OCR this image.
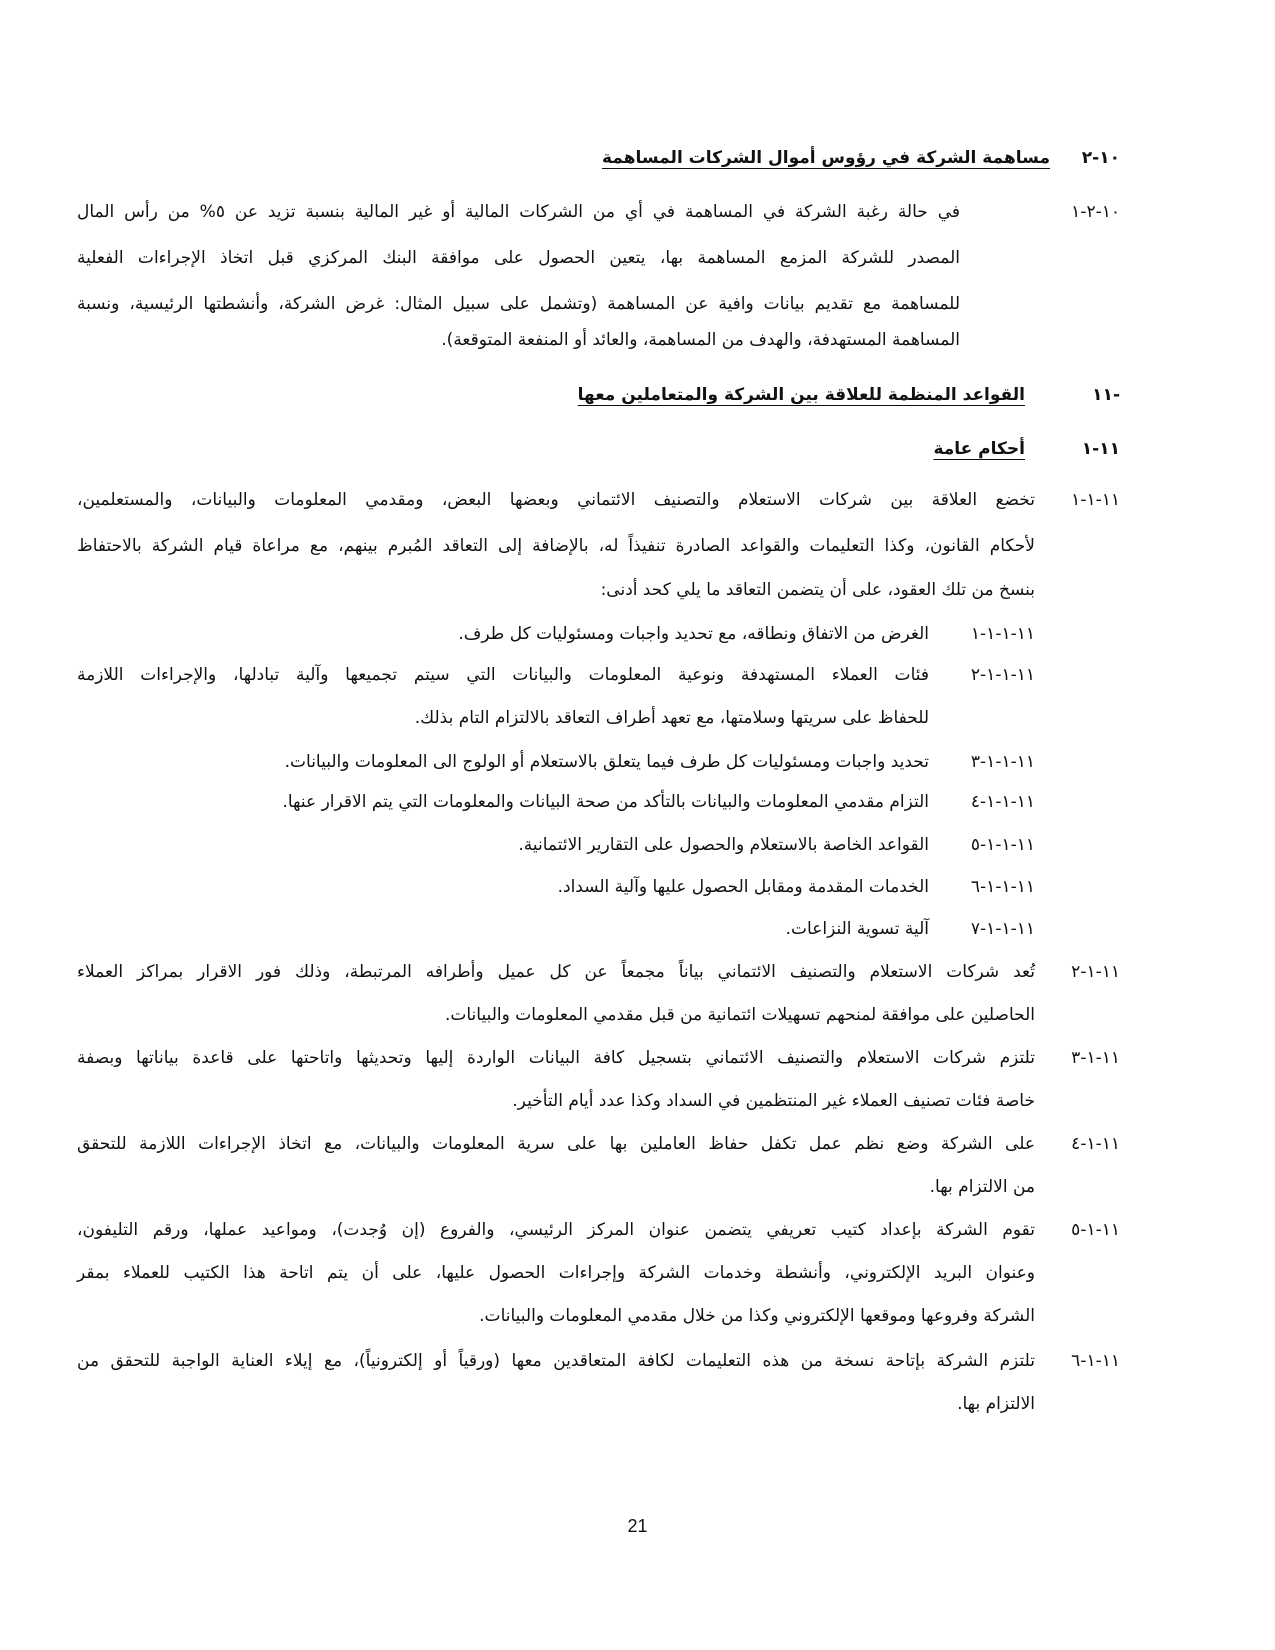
١٠-٢
مساهمة الشركة في رؤوس أموال الشركات المساهمة
١٠-٢-١
في حالة رغبة الشركة في المساهمة في أي من الشركات المالية أو غير المالية بنسبة تزيد عن ٥% من رأس المال
المصدر للشركة المزمع المساهمة بها، يتعين الحصول على موافقة البنك المركزي قبل اتخاذ الإجراءات الفعلية
للمساهمة مع تقديم بيانات وافية عن المساهمة (وتشمل على سبيل المثال: غرض الشركة، وأنشطتها الرئيسية، ونسبة
المساهمة المستهدفة، والهدف من المساهمة، والعائد أو المنفعة المتوقعة).
١١-
القواعد المنظمة للعلاقة بين الشركة والمتعاملين معها
١١-١
أحكام عامة
١١-١-١
تخضع العلاقة بين شركات الاستعلام والتصنيف الائتماني وبعضها البعض، ومقدمي المعلومات والبيانات، والمستعلمين،
لأحكام القانون، وكذا التعليمات والقواعد الصادرة تنفيذاً له، بالإضافة إلى التعاقد المُبرم بينهم، مع مراعاة قيام الشركة بالاحتفاظ
بنسخ من تلك العقود، على أن يتضمن التعاقد ما يلي كحد أدنى:
١١-١-١-١
الغرض من الاتفاق ونطاقه، مع تحديد واجبات ومسئوليات كل طرف.
١١-١-١-٢
فئات العملاء المستهدفة ونوعية المعلومات والبيانات التي سيتم تجميعها وآلية تبادلها، والإجراءات اللازمة
للحفاظ على سريتها وسلامتها، مع تعهد أطراف التعاقد بالالتزام التام بذلك.
١١-١-١-٣
تحديد واجبات ومسئوليات كل طرف فيما يتعلق بالاستعلام أو الولوج الى المعلومات والبيانات.
١١-١-١-٤
التزام مقدمي المعلومات والبيانات بالتأكد من صحة البيانات والمعلومات التي يتم الاقرار عنها.
١١-١-١-٥
القواعد الخاصة بالاستعلام والحصول على التقارير الائتمانية.
١١-١-١-٦
الخدمات المقدمة ومقابل الحصول عليها وآلية السداد.
١١-١-١-٧
آلية تسوية النزاعات.
١١-١-٢
تُعد شركات الاستعلام والتصنيف الائتماني بياناً مجمعاً عن كل عميل وأطرافه المرتبطة، وذلك فور الاقرار بمراكز العملاء
الحاصلين على موافقة لمنحهم تسهيلات ائتمانية من قبل مقدمي المعلومات والبيانات.
١١-١-٣
تلتزم شركات الاستعلام والتصنيف الائتماني بتسجيل كافة البيانات الواردة إليها وتحديثها واتاحتها على قاعدة بياناتها وبصفة
خاصة فئات تصنيف العملاء غير المنتظمين في السداد وكذا عدد أيام التأخير.
١١-١-٤
على الشركة وضع نظم عمل تكفل حفاظ العاملين بها على سرية المعلومات والبيانات، مع اتخاذ الإجراءات اللازمة للتحقق
من الالتزام بها.
١١-١-٥
تقوم الشركة بإعداد كتيب تعريفي يتضمن عنوان المركز الرئيسي، والفروع (إن وُجدت)، ومواعيد عملها، ورقم التليفون،
وعنوان البريد الإلكتروني، وأنشطة وخدمات الشركة وإجراءات الحصول عليها، على أن يتم اتاحة هذا الكتيب للعملاء بمقر
الشركة وفروعها وموقعها الإلكتروني وكذا من خلال مقدمي المعلومات والبيانات.
١١-١-٦
تلتزم الشركة بإتاحة نسخة من هذه التعليمات لكافة المتعاقدين معها (ورقياً أو إلكترونياً)، مع إيلاء العناية الواجبة للتحقق من
الالتزام بها.
21
